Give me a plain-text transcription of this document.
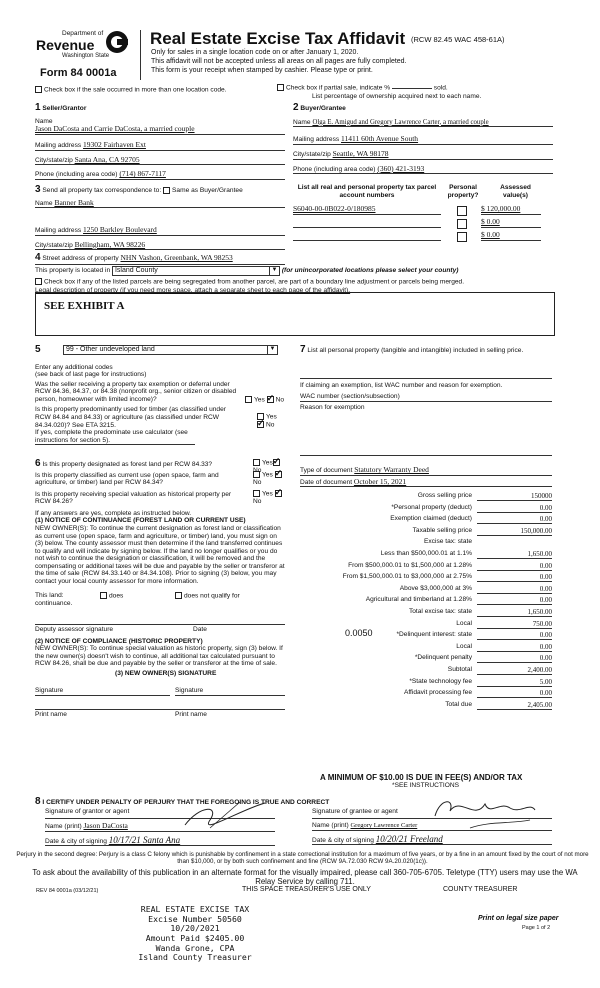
Department of
Revenue
Washington State
Form 84 0001a
Real Estate Excise Tax Affidavit (RCW 82.45 WAC 458-61A)
Only for sales in a single location code on or after January 1, 2020.
This affidavit will not be accepted unless all areas on all pages are fully completed.
This form is your receipt when stamped by cashier. Please type or print.
Check box if the sale occurred in more than one location code.	Check box if partial sale, indicate %	sold.
List percentage of ownership acquired next to each name.
1 Seller/Grantor
Name
Jason DaCosta and Carrie DaCosta, a married couple
Mailing address 19302 Fairhaven Ext
City/state/zip Santa Ana, CA 92705
Phone (including area code) (714) 867-7117
2 Buyer/Grantee
Name Olga E. Amigud and Gregory Lawrence Carter, a married couple
Mailing address 11411 60th Avenue South
City/state/zip Seattle, WA 98178
Phone (including area code) (360) 421-3193
3 Send all property tax correspondence to: Same as Buyer/Grantee
Name Banner Bank
Mailing address 1250 Barkley Boulevard
City/state/zip Bellingham, WA 98226
List all real and personal property tax parcel account numbers
Personal property?
Assessed value(s)
S6040-00-0B022-0/180985	$ 120,000.00
$ 0.00
$ 0.00
4 Street address of property NHN Vashon, Greenbank, WA 98253
This property is located in Island County	▼ (for unincorporated locations please select your county)
Check box if any of the listed parcels are being segregated from another parcel, are part of a boundary line adjustment or parcels being merged.
Legal description of property (if you need more space, attach a separate sheet to each page of the affidavit).
SEE EXHIBIT A
5	99 - Other undeveloped land	▼
Enter any additional codes
(see back of last page for instructions)
Was the seller receiving a property tax exemption or deferral under RCW 84.36, 84.37, or 84.38 (nonprofit org., senior citizen or disabled person, homeowner with limited income)?	Yes ✓ No
Is this property predominantly used for timber (as classified under RCW 84.84 and 84.33) or agriculture (as classified under RCW 84.34.020)? See ETA 3215.
Yes ✓No
If yes, complete the predominate use calculator (see instructions for section 5).
6 Is this property designated as forest land per RCW 84.33?	Yes✓No
Is this property classified as current use (open space, farm and agriculture, or timber) land per RCW 84.34?
Yes ✓No
Is this property receiving special valuation as historical property per RCW 84.26?
Yes ✓No
If any answers are yes, complete as instructed below.
(1) NOTICE OF CONTINUANCE (FOREST LAND OR CURRENT USE)
NEW OWNER(S): To continue the current designation as forest land or classification as current use (open space, farm and agriculture, or timber) land, you must sign on (3) below. The county assessor must then determine if the land transferred continues to qualify and will indicate by signing below. If the land no longer qualifies or you do not wish to continue the designation or classification, it will be removed and the compensating or additional taxes will be due and payable by the seller or transferor at the time of sale (RCW 84.33.140 or 84.34.108). Prior to signing (3) below, you may contact your local county assessor for more information.
This land:	does	does not qualify for
continuance.
Deputy assessor signature	Date
(2) NOTICE OF COMPLIANCE (HISTORIC PROPERTY)
NEW OWNER(S): To continue special valuation as historic property, sign (3) below. If the new owner(s) doesn't wish to continue, all additional tax calculated pursuant to RCW 84.26, shall be due and payable by the seller or transferor at the time of sale.
(3) NEW OWNER(S) SIGNATURE
Signature	Signature
Print name	Print name
7 List all personal property (tangible and intangible) included in selling price.
If claiming an exemption, list WAC number and reason for exemption.
WAC number (section/subsection)
Reason for exemption
Type of document Statutory Warranty Deed
Date of document October 15, 2021
Gross selling price	150000
*Personal property (deduct)	0.00
Exemption claimed (deduct)	0.00
Taxable selling price	150,000.00
Excise tax: state
Less than $500,000.01 at 1.1%	1,650.00
From $500,000.01 to $1,500,000 at 1.28%	0.00
From $1,500,000.01 to $3,000,000 at 2.75%	0.00
Above $3,000,000 at 3%	0.00
Agricultural and timberland at 1.28%	0.00
Total excise tax: state	1,650.00
Local	750.00
*Delinquent interest: state	0.00
Local	0.00
*Delinquent penalty	0.00
Subtotal	2,400.00
*State technology fee	5.00
Affidavit processing fee	0.00
Total due	2,405.00
0.0050
A MINIMUM OF $10.00 IS DUE IN FEE(S) AND/OR TAX
*SEE INSTRUCTIONS
8 I CERTIFY UNDER PENALTY OF PERJURY THAT THE FOREGOING IS TRUE AND CORRECT
Signature of grantor or agent
Name (print) Jason DaCosta
Date & city of signing 10/17/21 Santa Ana
Signature of grantee or agent
Name (print) Gregory Lawrence Carter
Date & city of signing 10/20/21 Freeland
Perjury in the second degree: Perjury is a class C felony which is punishable by confinement in a state correctional institution for a maximum of five years, or by a fine in an amount fixed by the court of not more than $10,000, or by both such confinement and fine (RCW 9A.72.030 RCW 9A.20.020(1c)).
To ask about the availability of this publication in an alternate format for the visually impaired, please call 360-705-6705. Teletype (TTY) users may use the WA Relay Service by calling 711.
REV 84 0001a (03/12/21)	THIS SPACE TREASURER'S USE ONLY	COUNTY TREASURER
REAL ESTATE EXCISE TAX
Excise Number 50560
10/20/2021
Amount Paid $2405.00
Wanda Grone, CPA
Island County Treasurer
Print on legal size paper
Page 1 of 2
